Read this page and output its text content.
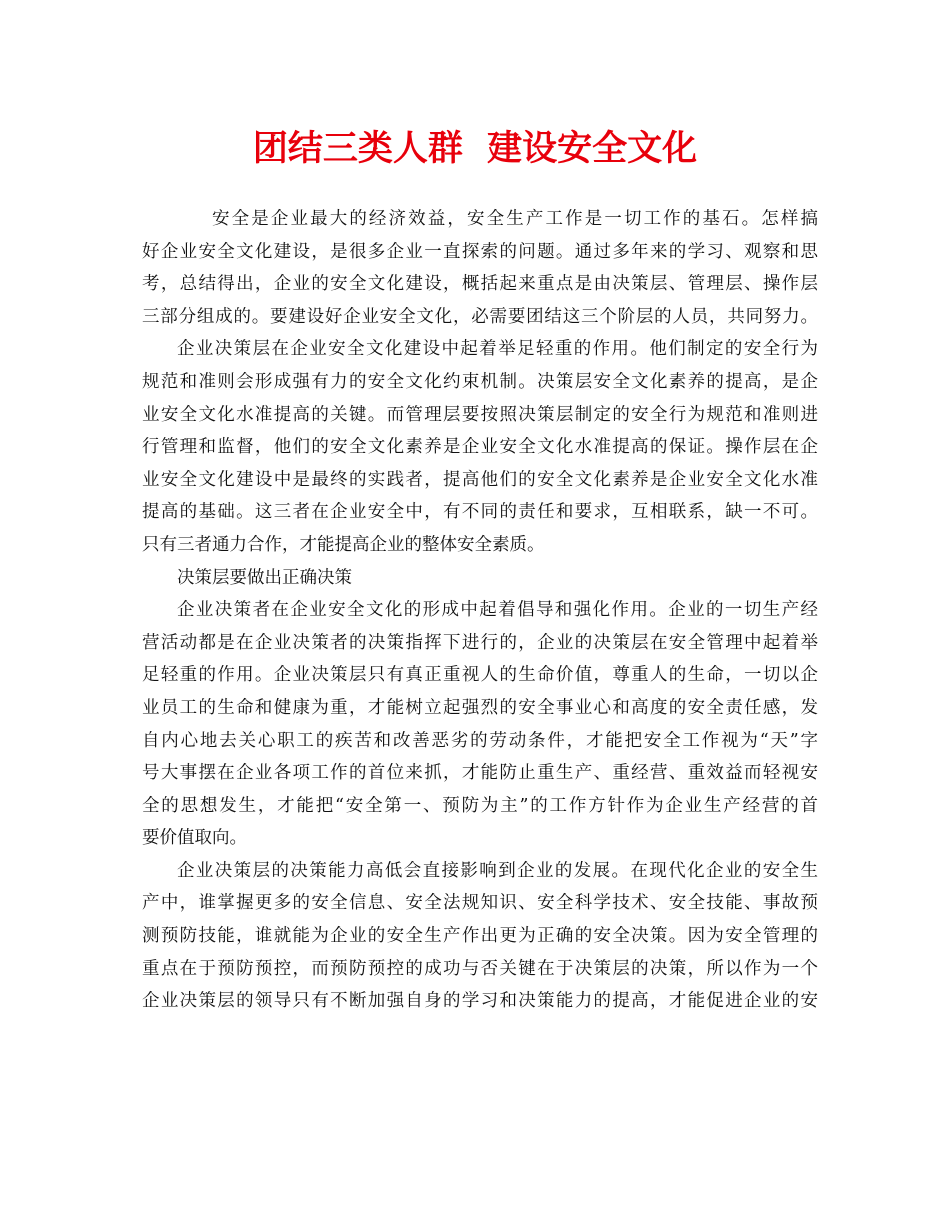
团结三类人群  建设安全文化
安全是企业最大的经济效益，安全生产工作是一切工作的基石。怎样搞
好企业安全文化建设，是很多企业一直探索的问题。通过多年来的学习、观察和思
考，总结得出，企业的安全文化建设，概括起来重点是由决策层、管理层、操作层
三部分组成的。要建设好企业安全文化，必需要团结这三个阶层的人员，共同努力。
企业决策层在企业安全文化建设中起着举足轻重的作用。他们制定的安全行为
规范和准则会形成强有力的安全文化约束机制。决策层安全文化素养的提高，是企
业安全文化水准提高的关键。而管理层要按照决策层制定的安全行为规范和准则进
行管理和监督，他们的安全文化素养是企业安全文化水准提高的保证。操作层在企
业安全文化建设中是最终的实践者，提高他们的安全文化素养是企业安全文化水准
提高的基础。这三者在企业安全中，有不同的责任和要求，互相联系，缺一不可。
只有三者通力合作，才能提高企业的整体安全素质。
决策层要做出正确决策
企业决策者在企业安全文化的形成中起着倡导和强化作用。企业的一切生产经
营活动都是在企业决策者的决策指挥下进行的，企业的决策层在安全管理中起着举
足轻重的作用。企业决策层只有真正重视人的生命价值，尊重人的生命，一切以企
业员工的生命和健康为重，才能树立起强烈的安全事业心和高度的安全责任感，发
自内心地去关心职工的疾苦和改善恶劣的劳动条件，才能把安全工作视为“天”字
号大事摆在企业各项工作的首位来抓，才能防止重生产、重经营、重效益而轻视安
全的思想发生，才能把“安全第一、预防为主”的工作方针作为企业生产经营的首
要价值取向。
企业决策层的决策能力高低会直接影响到企业的发展。在现代化企业的安全生
产中，谁掌握更多的安全信息、安全法规知识、安全科学技术、安全技能、事故预
测预防技能，谁就能为企业的安全生产作出更为正确的安全决策。因为安全管理的
重点在于预防预控，而预防预控的成功与否关键在于决策层的决策，所以作为一个
企业决策层的领导只有不断加强自身的学习和决策能力的提高，才能促进企业的安
